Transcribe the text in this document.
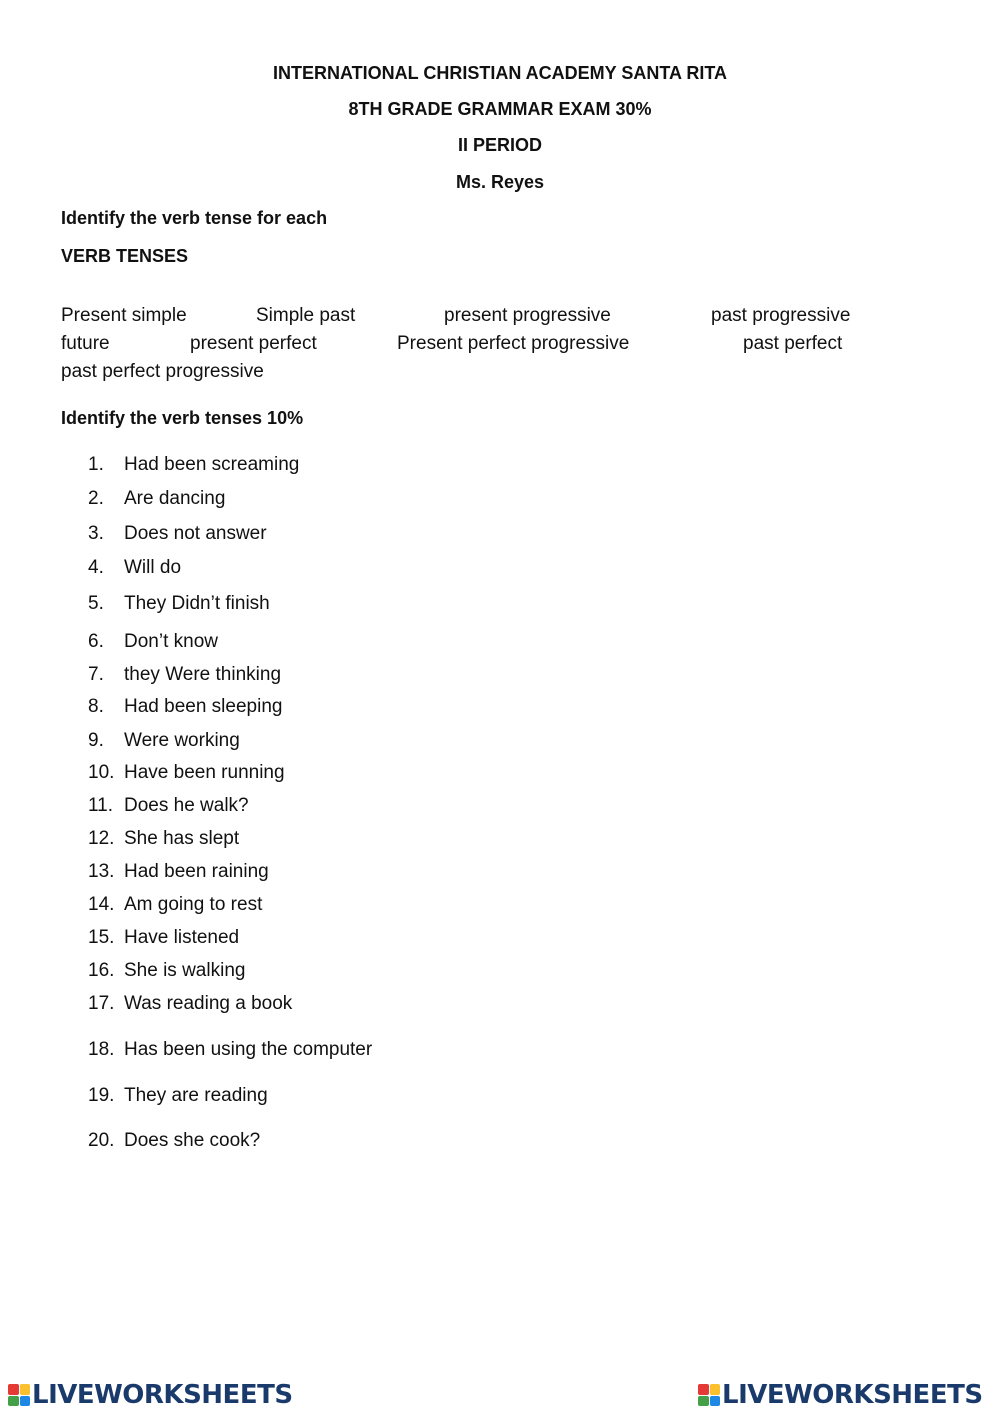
INTERNATIONAL CHRISTIAN ACADEMY SANTA RITA
8TH GRADE GRAMMAR EXAM 30%
II PERIOD
Ms. Reyes
Identify the verb tense for each
VERB TENSES
Present simple	Simple past	present progressive	past progressive
future	present perfect	Present perfect progressive	past perfect
past perfect progressive
Identify the verb tenses 10%
1. Had been screaming
2. Are dancing
3. Does not answer
4. Will do
5. They Didn’t finish
6. Don’t know
7. they Were thinking
8. Had been sleeping
9. Were working
10. Have been running
11. Does he walk?
12. She has slept
13. Had been raining
14. Am going to rest
15. Have listened
16. She is walking
17. Was reading a book
18. Has been using the computer
19. They are reading
20. Does she cook?
LIVEWORKSHEETS	LIVEWORKSHEETS
